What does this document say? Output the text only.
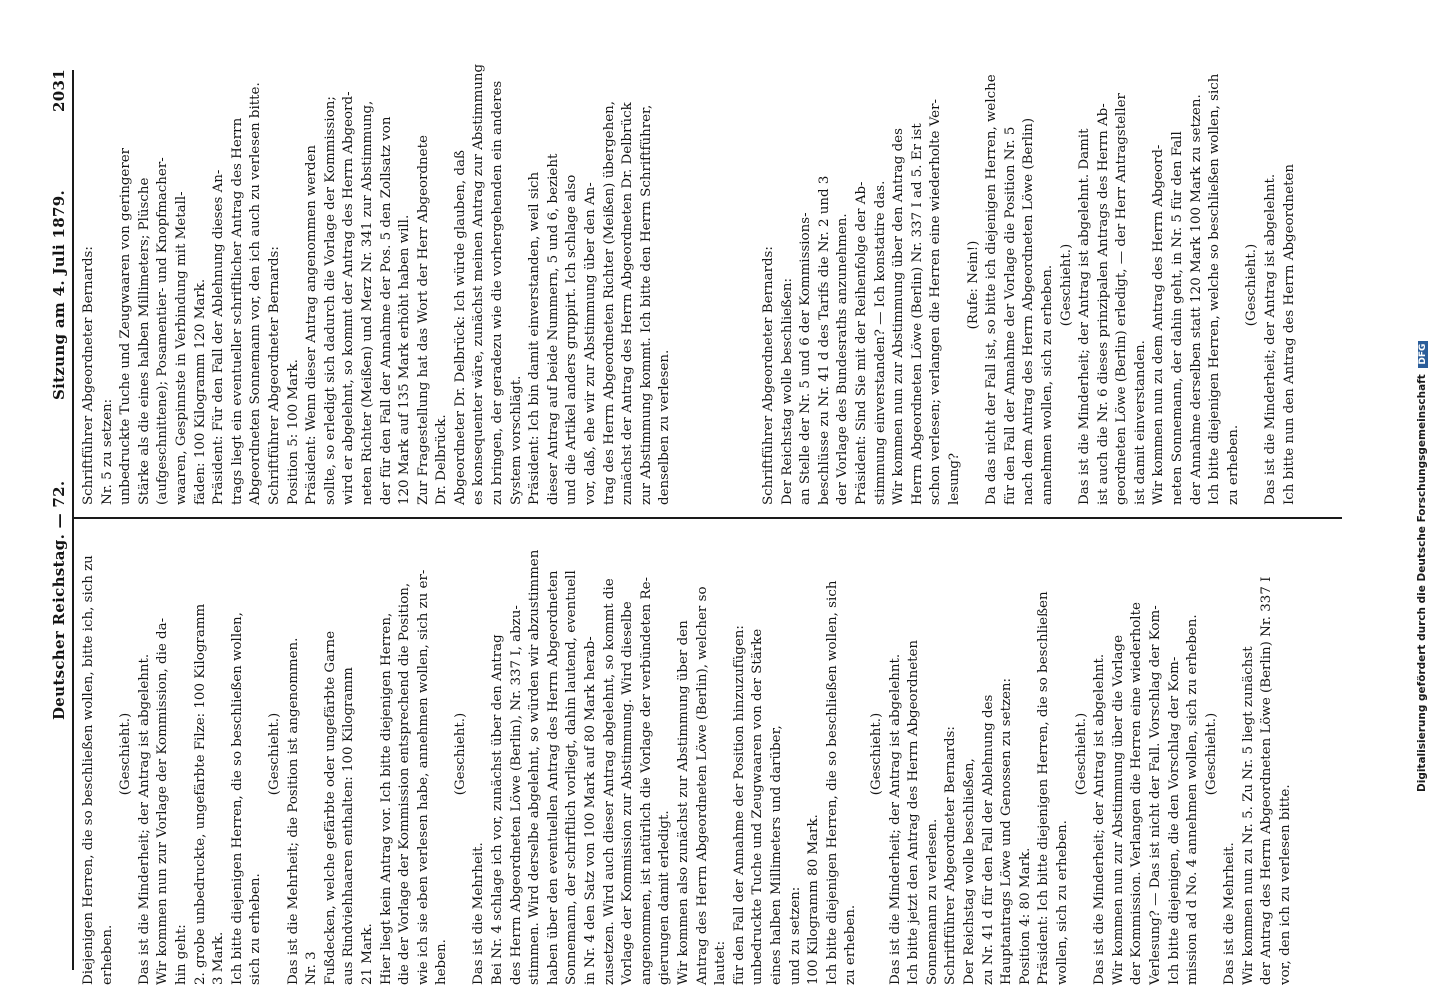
Deutscher Reichstag. — 72.
Sitzung am 4. Juli 1879.
2031

Diejenigen Herren, die so beschließen wollen, bitte ich, sich zu erheben.

(Geschieht.) Das ist die Minderheit; der Antrag ist abgelehnt. Wir kommen nun zur Vorlage der Kommission, die da- hin geht: 2. grobe unbedruckte, ungefärbte Filze: 100 Kilogramm 3 Mark. Ich bitte diejenigen Herren, die so beschließen wollen, sich zu erheben.

(Geschieht.) Das ist die Mehrheit; die Position ist angenommen. Nr. 3 Fußdecken, welche gefärbte oder ungefärbte Garne aus Rindviehhaaren enthalten: 100 Kilogramm 21 Mark. Hier liegt kein Antrag vor. Ich bitte diejenigen Herren, die der Vorlage der Kommission entsprechend die Position, wie ich sie eben verlesen habe, annehmen wollen, sich zu er- heben.

(Geschieht.)

Das ist die Mehrheit. Bei Nr. 4 schlage ich vor, zunächst über den Antrag des Herrn Abgeordneten Löwe (Berlin), Nr. 337 I, abzu- stimmen. Wird derselbe abgelehnt, so würden wir abzustimmen haben über den eventuellen Antrag des Herrn Abgeordneten Sonnemann, der schriftlich vorliegt, dahin lautend, eventuell in Nr. 4 den Satz von 100 Mark auf 80 Mark herab- zusetzen. Wird auch dieser Antrag abgelehnt, so kommt die Vorlage der Kommission zur Abstimmung. Wird dieselbe angenommen, ist natürlich die Vorlage der verbündeten Re- gierungen damit erledigt. Wir kommen also zunächst zur Abstimmung über den Antrag des Herrn Abgeordneten Löwe (Berlin), welcher so lautet: für den Fall der Annahme der Position hinzuzufügen: unbedruckte Tuche und Zeugwaaren von der Stärke eines halben Millimeters und darüber, und zu setzen: 100 Kilogramm 80 Mark. Ich bitte diejenigen Herren, die so beschließen wollen, sich zu erheben.

(Geschieht.) Das ist die Minderheit; der Antrag ist abgelehnt. Ich bitte jetzt den Antrag des Herrn Abgeordneten Sonnemann zu verlesen. Schriftführer Abgeordneter Bernards: Der Reichstag wolle beschließen, zu Nr. 41 d für den Fall der Ablehnung des Hauptantrags Löwe und Genossen zu setzen: Position 4: 80 Mark. Präsident: Ich bitte diejenigen Herren, die so beschließen wollen, sich zu erheben.

(Geschieht.) Das ist die Minderheit; der Antrag ist abgelehnt. Wir kommen nun zur Abstimmung über die Vorlage der Kommission. Verlangen die Herren eine wiederholte Verlesung? — Das ist nicht der Fall. Vorschlag der Kom- Ich bitte diejenigen, die den Vorschlag der Kom- mission ad d No. 4 annehmen wollen, sich zu erheben. (Geschieht.)

Das ist die Mehrheit. Wir kommen nun zu Nr. 5. Zu Nr. 5 liegt zunächst der Antrag des Herrn Abgeordneten Löwe (Berlin) Nr. 337 I vor, den ich zu verlesen bitte.

Schriftführer Abgeordneter Bernards: Nr. 5 zu setzen: unbedruckte Tuche und Zeugwaaren von geringerer Stärke als die eines halben Millimeters; Plüsche (aufgeschnittene); Posamentier- und Knopfmacher- waaren, Gespinnste in Verbindung mit Metall- fäden: 100 Kilogramm 120 Mark. Präsident: Für den Fall der Ablehnung dieses An- trags liegt ein eventueller schriftlicher Antrag des Herrn Abgeordneten Sonnemann vor, den ich auch zu verlesen bitte. Schriftführer Abgeordneter Bernards: Position 5: 100 Mark. Präsident: Wenn dieser Antrag angenommen werden sollte, so erledigt sich dadurch die Vorlage der Kommission; wird er abgelehnt, so kommt der Antrag des Herrn Abgeord- neten Richter (Meißen) und Merz Nr. 341 zur Abstimmung, der für den Fall der Annahme der Pos. 5 den Zollsatz von 120 Mark auf 135 Mark erhöht haben will. Zur Fragestellung hat das Wort der Herr Abgeordnete Dr. Delbrück. Abgeordneter Dr. Delbrück: Ich würde glauben, daß es konsequenter wäre, zunächst meinen Antrag zur Abstimmung zu bringen, der geradezu wie die vorhergehenden ein anderes System vorschlägt. Präsident: Ich bin damit einverstanden, weil sich dieser Antrag auf beide Nummern, 5 und 6, bezieht und die Artikel anders gruppirt. Ich schlage also vor, daß, ehe wir zur Abstimmung über den An- trag des Herrn Abgeordneten Richter (Meißen) übergehen, zunächst der Antrag des Herrn Abgeordneten Dr. Delbrück zur Abstimmung kommt. Ich bitte den Herrn Schriftführer, denselben zu verlesen.	Schriftführer Abgeordneter Bernards: Der Reichstag wolle beschließen: an Stelle der Nr. 5 und 6 der Kommissions- beschlüsse zu Nr. 41 d des Tarifs die Nr. 2 und 3 der Vorlage des Bundesraths anzunehmen. Präsident: Sind Sie mit der Reihenfolge der Ab- stimmung einverstanden? — Ich konstatire das. Wir kommen nun zur Abstimmung über den Antrag des Herrn Abgeordneten Löwe (Berlin) Nr. 337 I ad 5. Er ist schon verlesen; verlangen die Herren eine wiederholte Ver- lesung?

(Rufe: Nein!) Da das nicht der Fall ist, so bitte ich diejenigen Herren, welche für den Fall der Annahme der Vorlage die Position Nr. 5 nach dem Antrag des Herrn Abgeordneten Löwe (Berlin) annehmen wollen, sich zu erheben. (Geschieht.) Das ist die Minderheit; der Antrag ist abgelehnt. Damit ist auch die Nr. 6 dieses prinzipalen Antrags des Herrn Ab- geordneten Löwe (Berlin) erledigt, — der Herr Antragsteller ist damit einverstanden. Wir kommen nun zu dem Antrag des Herrn Abgeord- neten Sonnemann, der dahin geht, in Nr. 5 für den Fall der Annahme derselben statt 120 Mark 100 Mark zu setzen. Ich bitte diejenigen Herren, welche so beschließen wollen, sich zu erheben.

(Geschieht.) Das ist die Minderheit; der Antrag ist abgelehnt. Ich bitte nun den Antrag des Herrn Abgeordneten

Digitalisierung gefördert durch die Deutsche Forschungsgemeinschaft DFG
